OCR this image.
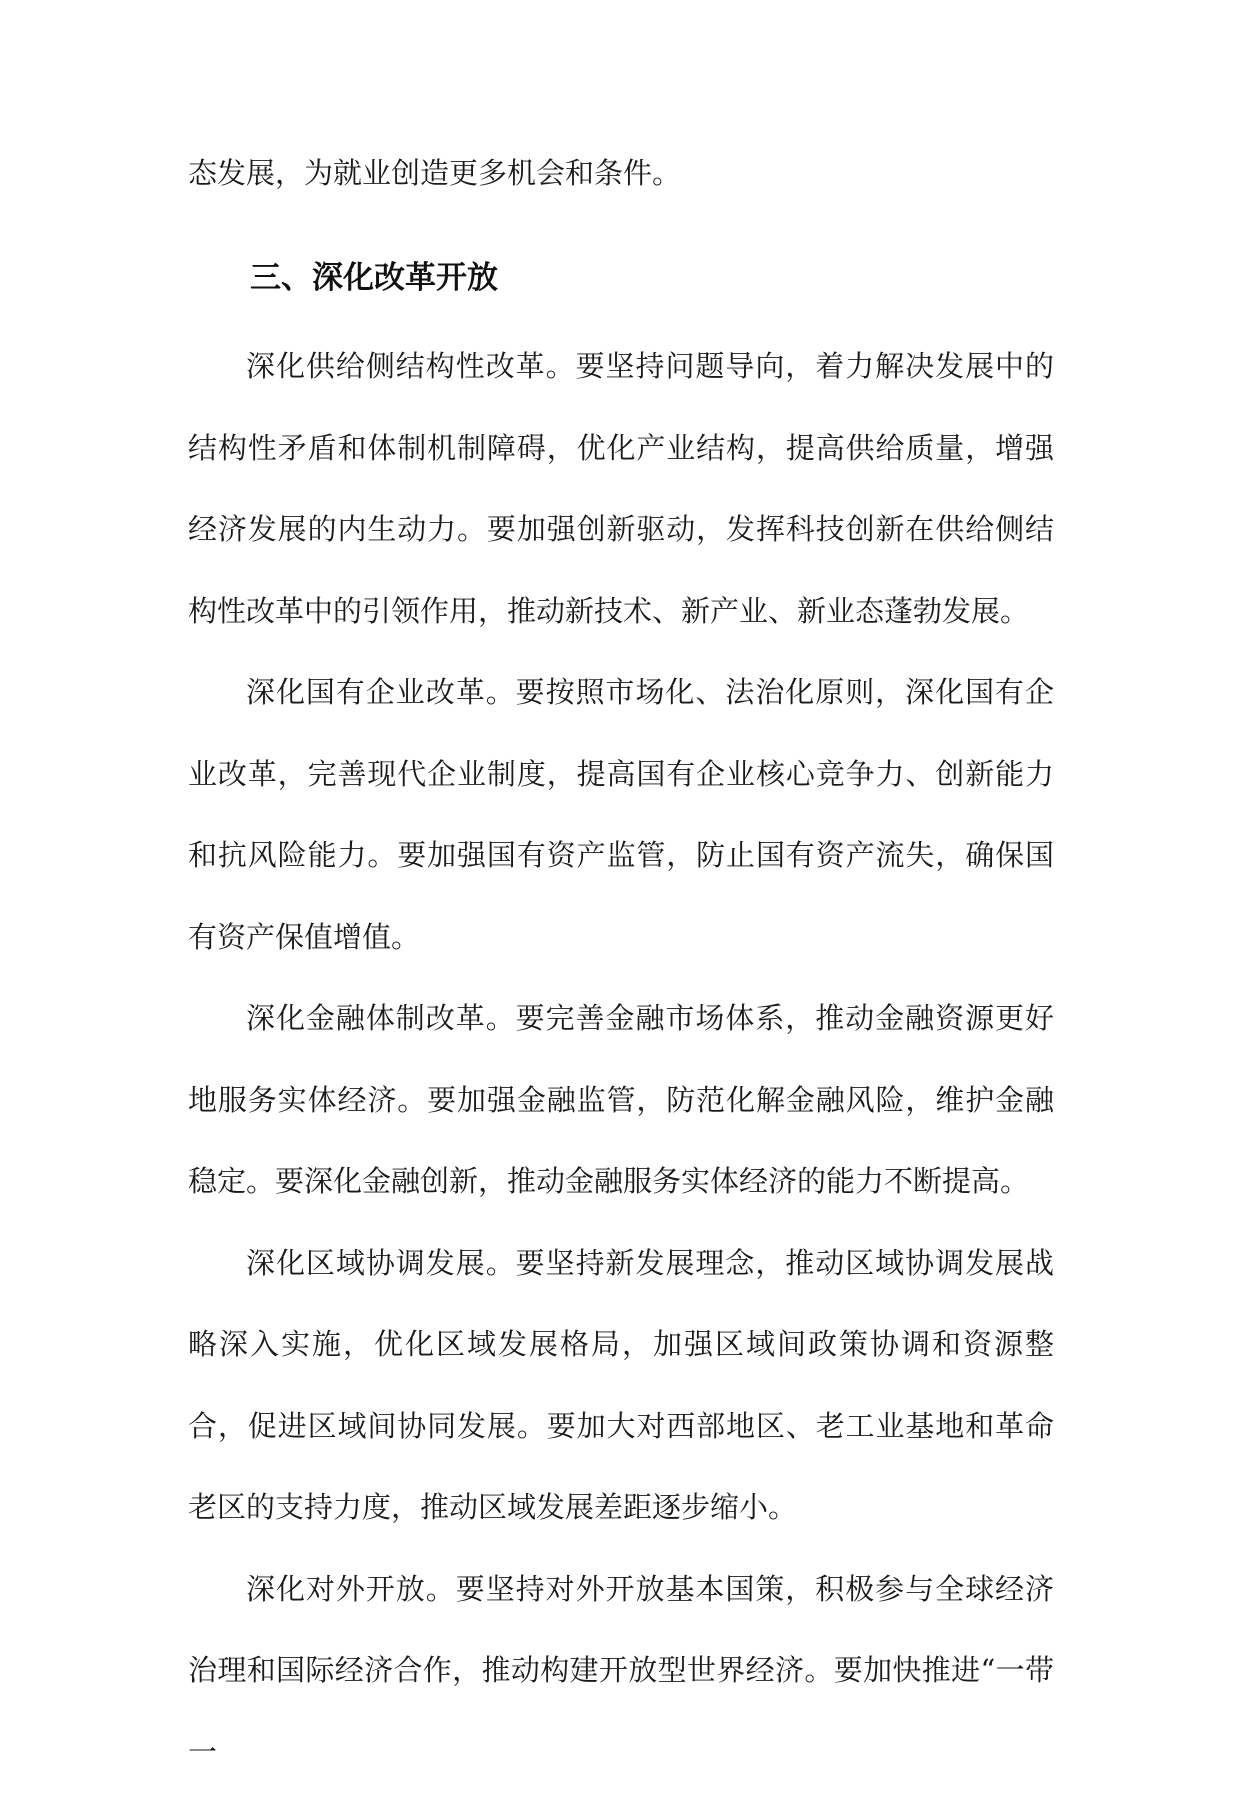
态发展，为就业创造更多机会和条件。

三、深化改革开放

深化供给侧结构性改革。要坚持问题导向，着力解决发展中的结构性矛盾和体制机制障碍，优化产业结构，提高供给质量，增强经济发展的内生动力。要加强创新驱动，发挥科技创新在供给侧结构性改革中的引领作用，推动新技术、新产业、新业态蓬勃发展。

深化国有企业改革。要按照市场化、法治化原则，深化国有企业改革，完善现代企业制度，提高国有企业核心竞争力、创新能力和抗风险能力。要加强国有资产监管，防止国有资产流失，确保国有资产保值增值。

深化金融体制改革。要完善金融市场体系，推动金融资源更好地服务实体经济。要加强金融监管，防范化解金融风险，维护金融稳定。要深化金融创新，推动金融服务实体经济的能力不断提高。

深化区域协调发展。要坚持新发展理念，推动区域协调发展战略深入实施，优化区域发展格局，加强区域间政策协调和资源整合，促进区域间协同发展。要加大对西部地区、老工业基地和革命老区的支持力度，推动区域发展差距逐步缩小。

深化对外开放。要坚持对外开放基本国策，积极参与全球经济治理和国际经济合作，推动构建开放型世界经济。要加快推进“一带一
